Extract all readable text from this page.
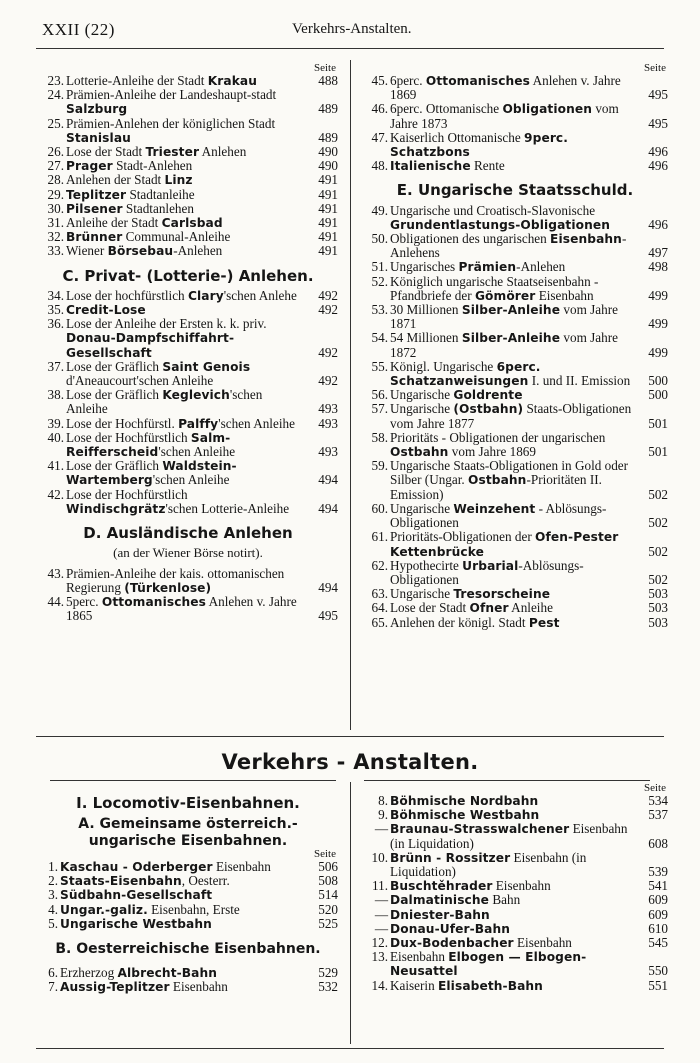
XXII (22)	Verkehrs-Anstalten.
Seite
23. Lotterie-Anleihe der Stadt Krakau	488
24. Prämien-Anleihe der Landeshaupt-stadt Salzburg	489
25. Prämien-Anlehen der königlichen Stadt Stanislau	489
26. Lose der Stadt Triester Anlehen	490
27. Prager Stadt-Anlehen	490
28. Anlehen der Stadt Linz	491
29. Teplitzer Stadtanleihe	491
30. Pilsener Stadtanlehen	491
31. Anleihe der Stadt Carlsbad	491
32. Brünner Communal-Anleihe	491
33. Wiener Börsebau-Anlehen	491
C. Privat- (Lotterie-) Anlehen.
34. Lose der hochfürstlich Clary'schen Anlehe	492
35. Credit-Lose	492
36. Lose der Anleihe der Ersten k. k. priv. Donau-Dampfschiffahrt-Gesellschaft	492
37. Lose der Gräflich Saint Genois d'Aneaucourt'schen Anleihe	492
38. Lose der Gräflich Keglevich'schen Anleihe	493
39. Lose der Hochfürstl. Palffy'schen Anleihe	493
40. Lose der Hochfürstlich Salm-Reifferscheid'schen Anleihe	493
41. Lose der Gräflich Waldstein-Wartemberg'schen Anleihe	494
42. Lose der Hochfürstlich Windischgrätz'schen Lotterie-Anleihe	494
D. Ausländische Anlehen
(an der Wiener Börse notirt).
43. Prämien-Anleihe der kais. ottomanischen Regierung (Türkenlose)	494
44. 5perc. Ottomanisches Anlehen v. Jahre 1865	495
Seite
45. 6perc. Ottomanisches Anlehen v. Jahre 1869	495
46. 6perc. Ottomanische Obligationen vom Jahre 1873	495
47. Kaiserlich Ottomanische 9perc. Schatzbons	496
48. Italienische Rente	496
E. Ungarische Staatsschuld.
49. Ungarische und Croatisch-Slavonische Grundentlastungs-Obligationen	496
50. Obligationen des ungarischen Eisenbahn-Anlehens	497
51. Ungarisches Prämien-Anlehen	498
52. Königlich ungarische Staatseisenbahn - Pfandbriefe der Gömörer Eisenbahn	499
53. 30 Millionen Silber-Anleihe vom Jahre 1871	499
54. 54 Millionen Silber-Anleihe vom Jahre 1872	499
55. Königl. Ungarische 6perc. Schatzanweisungen I. und II. Emission	500
56. Ungarische Goldrente	500
57. Ungarische (Ostbahn) Staats-Obligationen vom Jahre 1877	501
58. Prioritäts - Obligationen der ungarischen Ostbahn vom Jahre 1869	501
59. Ungarische Staats-Obligationen in Gold oder Silber (Ungar. Ostbahn-Prioritäten II. Emission)	502
60. Ungarische Weinzehent - Ablösungs-Obligationen	502
61. Prioritäts-Obligationen der Ofen-Pester Kettenbrücke	502
62. Hypothecirte Urbarial-Ablösungs-Obligationen	502
63. Ungarische Tresorscheine	503
64. Lose der Stadt Ofner Anleihe	503
65. Anlehen der königl. Stadt Pest	503
Verkehrs - Anstalten.
I. Locomotiv-Eisenbahnen.
A. Gemeinsame österreich.-ungarische Eisenbahnen.
Seite
1. Kaschau - Oderberger Eisenbahn	506
2. Staats-Eisenbahn, Oesterr.	508
3. Südbahn-Gesellschaft	514
4. Ungar.-galiz. Eisenbahn, Erste	520
5. Ungarische Westbahn	525
B. Oesterreichische Eisenbahnen.
6. Erzherzog Albrecht-Bahn	529
7. Aussig-Teplitzer Eisenbahn	532
Seite
8. Böhmische Nordbahn	534
9. Böhmische Westbahn	537
— Braunau-Strasswalchener Eisenbahn (in Liquidation)	608
10. Brünn - Rossitzer Eisenbahn (in Liquidation)	539
11. Buschtěhrader Eisenbahn	541
— Dalmatinische Bahn	609
— Dniester-Bahn	609
— Donau-Ufer-Bahn	610
12. Dux-Bodenbacher Eisenbahn	545
13. Eisenbahn Elbogen — Elbogen-Neusattel	550
14. Kaiserin Elisabeth-Bahn	551
